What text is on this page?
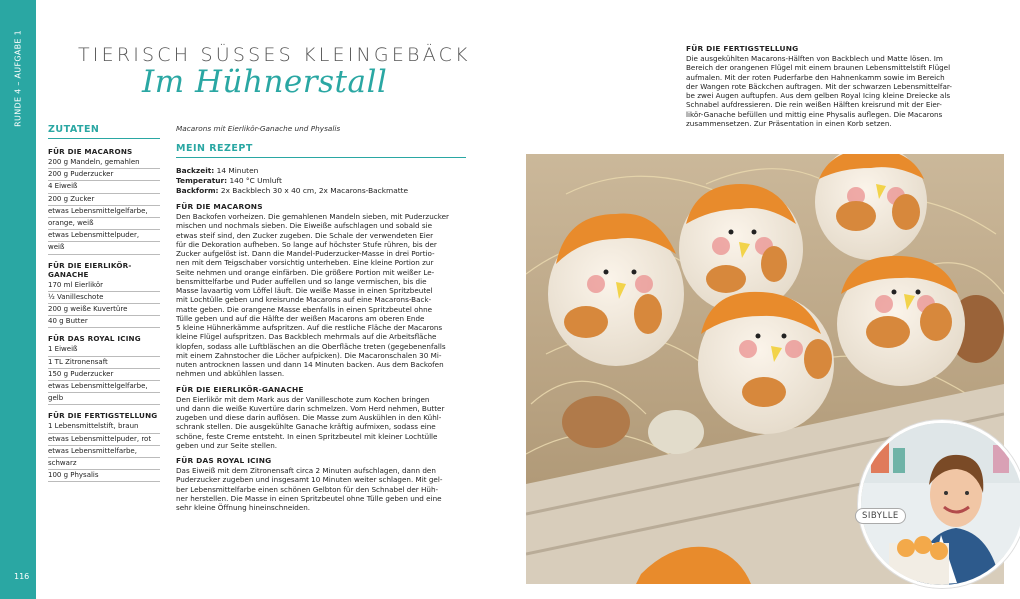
RUNDE 4 – AUFGABE 1
116
TIERISCH SÜSSES KLEINGEBÄCK
Im Hühnerstall
ZUTATEN
FÜR DIE MACARONS
200 g Mandeln, gemahlen
200 g Puderzucker
4 Eiweiß
200 g Zucker
etwas Lebensmittelgelfarbe,
orange, weiß
etwas Lebensmittelpuder,
weiß
FÜR DIE EIERLIKÖR-GANACHE
170 ml Eierlikör
½ Vanilleschote
200 g weiße Kuvertüre
40 g Butter
FÜR DAS ROYAL ICING
1 Eiweiß
1 TL Zitronensaft
150 g Puderzucker
etwas Lebensmittelgelfarbe,
gelb
FÜR DIE FERTIGSTELLUNG
1 Lebensmittelstift, braun
etwas Lebensmittelpuder, rot
etwas Lebensmittelfarbe,
schwarz
100 g Physalis
Macarons mit Eierlikör-Ganache und Physalis
MEIN REZEPT
Backzeit: 14 Minuten
Temperatur: 140 °C Umluft
Backform: 2x Backblech 30 x 40 cm, 2x Macarons-Backmatte
FÜR DIE MACARONS
Den Backofen vorheizen. Die gemahlenen Mandeln sieben, mit Puderzucker
mischen und nochmals sieben. Die Eiweiße aufschlagen und sobald sie
etwas steif sind, den Zucker zugeben. Die Schale der verwendeten Eier
für die Dekoration aufheben. So lange auf höchster Stufe rühren, bis der
Zucker aufgelöst ist. Dann die Mandel-Puderzucker-Masse in drei Portio-
nen mit dem Teigschaber vorsichtig unterheben. Eine kleine Portion zur
Seite nehmen und orange einfärben. Die größere Portion mit weißer Le-
bensmittelfarbe und Puder auffellen und so lange vermischen, bis die
Masse lavaartig vom Löffel läuft. Die weiße Masse in einen Spritzbeutel
mit Lochtülle geben und kreisrunde Macarons auf eine Macarons-Back-
matte geben. Die orangene Masse ebenfalls in einen Spritzbeutel ohne
Tülle geben und auf die Hälfte der weißen Macarons am oberen Ende
5 kleine Hühnerkämme aufspritzen. Auf die restliche Fläche der Macarons
kleine Flügel aufspritzen. Das Backblech mehrmals auf die Arbeitsfläche
klopfen, sodass alle Luftbläschen an die Oberfläche treten (gegebenenfalls
mit einem Zahnstocher die Löcher aufpicken). Die Macaronschalen 30 Mi-
nuten antrocknen lassen und dann 14 Minuten backen. Aus dem Backofen
nehmen und abkühlen lassen.
FÜR DIE EIERLIKÖR-GANACHE
Den Eierlikör mit dem Mark aus der Vanilleschote zum Kochen bringen
und dann die weiße Kuvertüre darin schmelzen. Vom Herd nehmen, Butter
zugeben und diese darin auflösen. Die Masse zum Auskühlen in den Kühl-
schrank stellen. Die ausgekühlte Ganache kräftig aufmixen, sodass eine
schöne, feste Creme entsteht. In einen Spritzbeutel mit kleiner Lochtülle
geben und zur Seite stellen.
FÜR DAS ROYAL ICING
Das Eiweiß mit dem Zitronensaft circa 2 Minuten aufschlagen, dann den
Puderzucker zugeben und insgesamt 10 Minuten weiter schlagen. Mit gel-
ber Lebensmittelfarbe einen schönen Gelbton für den Schnabel der Hüh-
ner herstellen. Die Masse in einen Spritzbeutel ohne Tülle geben und eine
sehr kleine Öffnung hineinschneiden.
FÜR DIE FERTIGSTELLUNG
Die ausgekühlten Macarons-Hälften von Backblech und Matte lösen. Im
Bereich der orangenen Flügel mit einem braunen Lebensmittelstift Flügel
aufmalen. Mit der roten Puderfarbe den Hahnenkamm sowie im Bereich
der Wangen rote Bäckchen auftragen. Mit der schwarzen Lebensmittelfar-
be zwei Augen auftupfen. Aus dem gelben Royal Icing kleine Dreiecke als
Schnabel aufdressieren. Die rein weißen Hälften kreisrund mit der Eier-
likör-Ganache befüllen und mittig eine Physalis auflegen. Die Macarons
zusammensetzen. Zur Präsentation in einen Korb setzen.
SIBYLLE
